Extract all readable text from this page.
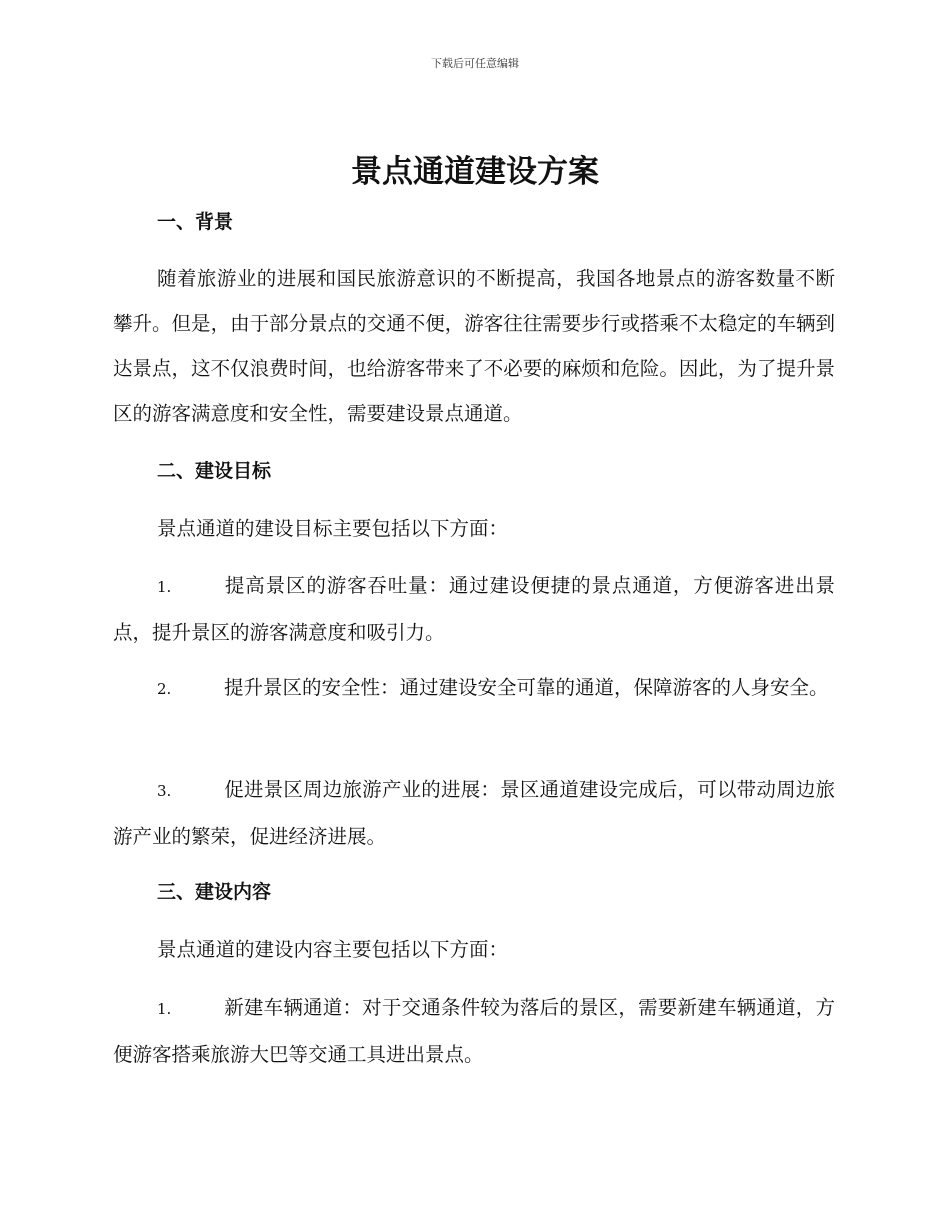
下载后可任意编辑
景点通道建设方案
一、背景

随着旅游业的进展和国民旅游意识的不断提高，我国各地景点的游客数量不断攀升。但是，由于部分景点的交通不便，游客往往需要步行或搭乘不太稳定的车辆到达景点，这不仅浪费时间，也给游客带来了不必要的麻烦和危险。因此，为了提升景区的游客满意度和安全性，需要建设景点通道。

二、建设目标

景点通道的建设目标主要包括以下方面：

1.	提高景区的游客吞吐量：通过建设便捷的景点通道，方便游客进出景点，提升景区的游客满意度和吸引力。

2.	提升景区的安全性：通过建设安全可靠的通道，保障游客的人身安全。

3.	促进景区周边旅游产业的进展：景区通道建设完成后，可以带动周边旅游产业的繁荣，促进经济进展。

三、建设内容

景点通道的建设内容主要包括以下方面：

1.	新建车辆通道：对于交通条件较为落后的景区，需要新建车辆通道，方便游客搭乘旅游大巴等交通工具进出景点。
